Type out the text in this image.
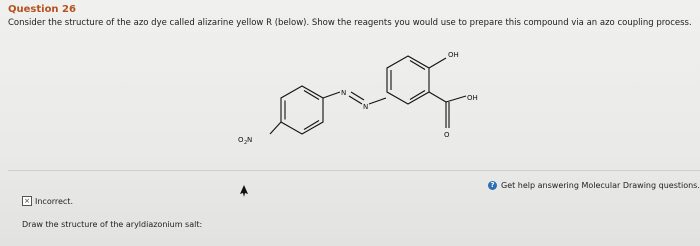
Question 26
Consider the structure of the azo dye called alizarine yellow R (below). Show the reagents you would use to prepare this compound via an azo coupling process.
OH
OH
O
N
N
O 2 N
? Get help answering Molecular Drawing questions.
× Incorrect.
Draw the structure of the aryldiazonium salt:
